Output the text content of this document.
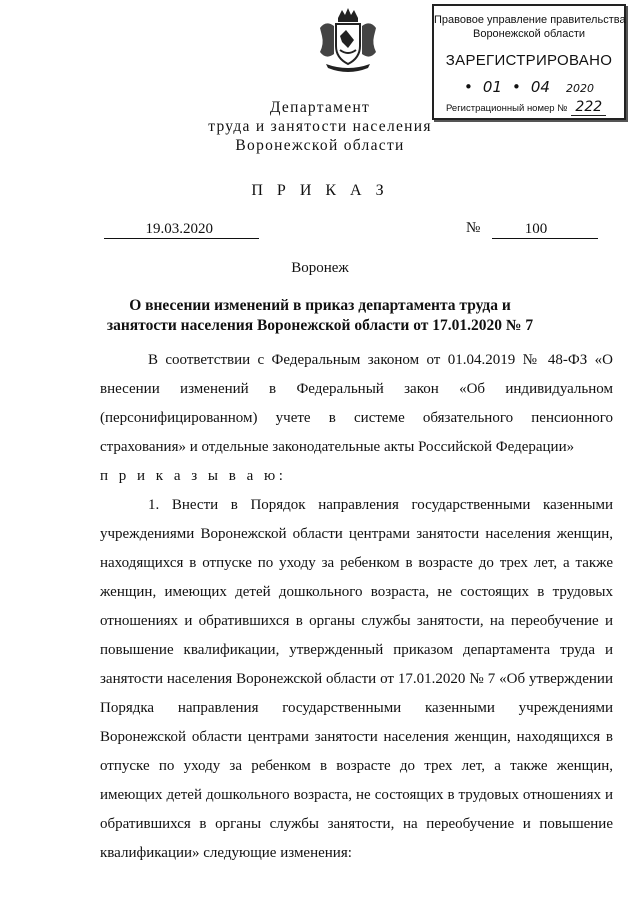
Правовое управление правительства
Воронежской области
ЗАРЕГИСТРИРОВАНО
• 01 • 04 2020
Регистрационный номер № 222
Департамент
труда и занятости населения
Воронежской области
П Р И К А З
19.03.2020	№	100
Воронеж
О внесении изменений в приказ департамента труда и занятости населения Воронежской области от 17.01.2020 № 7

В соответствии с Федеральным законом от 01.04.2019 № 48-ФЗ «О внесении изменений в Федеральный закон «Об индивидуальном (персонифицированном) учете в системе обязательного пенсионного страхования» и отдельные законодательные акты Российской Федерации»

п р и к а з ы в а ю:

1. Внести в Порядок направления государственными казенными учреждениями Воронежской области центрами занятости населения женщин, находящихся в отпуске по уходу за ребенком в возрасте до трех лет, а также женщин, имеющих детей дошкольного возраста, не состоящих в трудовых отношениях и обратившихся в органы службы занятости, на переобучение и повышение квалификации, утвержденный приказом департамента труда и занятости населения Воронежской области от 17.01.2020 № 7 «Об утверждении Порядка направления государственными казенными учреждениями Воронежской области центрами занятости населения женщин, находящихся в отпуске по уходу за ребенком в возрасте до трех лет, а также женщин, имеющих детей дошкольного возраста, не состоящих в трудовых отношениях и обратившихся в органы службы занятости, на переобучение и повышение квалификации» следующие изменения:
